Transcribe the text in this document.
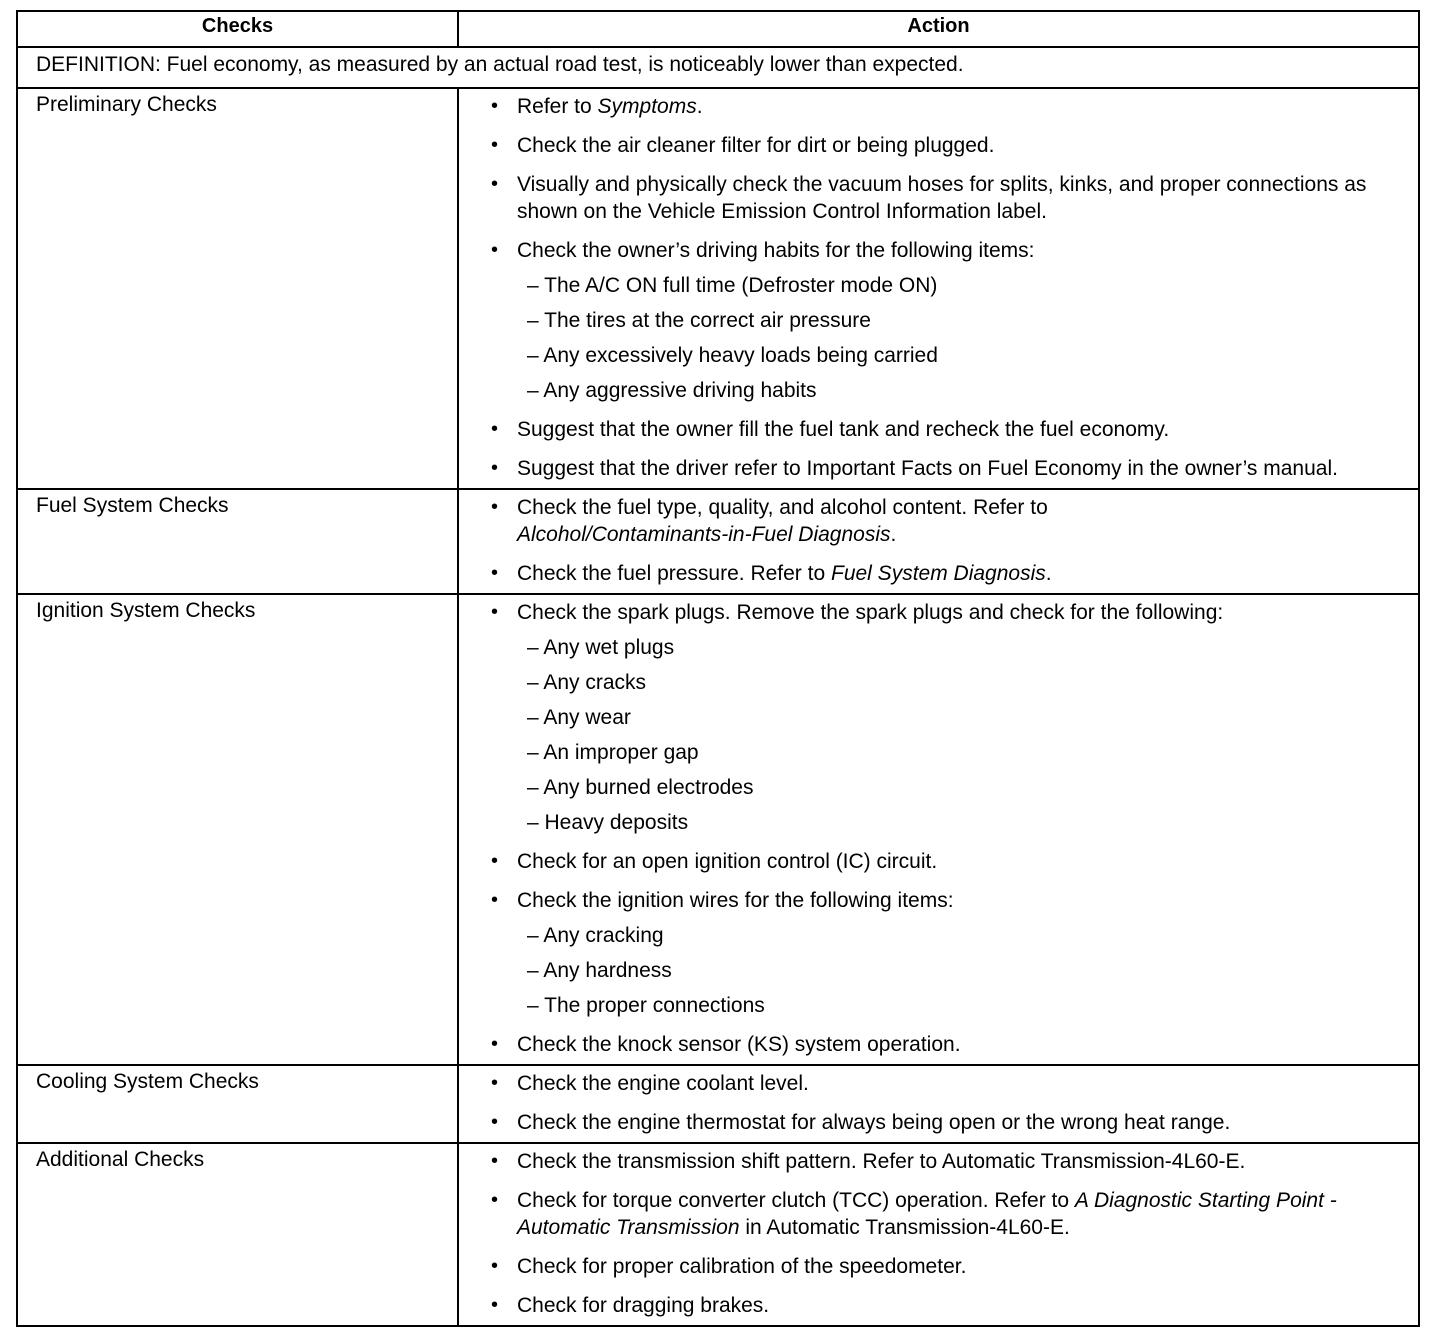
Checks	Action
DEFINITION: Fuel economy, as measured by an actual road test, is noticeably lower than expected.	
Preliminary Checks	• Refer to Symptoms.
• Check the air cleaner filter for dirt or being plugged.
• Visually and physically check the vacuum hoses for splits, kinks, and proper connections as shown on the Vehicle Emission Control Information label.
• Check the owner’s driving habits for the following items:
– The A/C ON full time (Defroster mode ON)
– The tires at the correct air pressure
– Any excessively heavy loads being carried
– Any aggressive driving habits
• Suggest that the owner fill the fuel tank and recheck the fuel economy.
• Suggest that the driver refer to Important Facts on Fuel Economy in the owner’s manual.

Fuel System Checks	• Check the fuel type, quality, and alcohol content. Refer to
Alcohol/Contaminants-in-Fuel Diagnosis.
• Check the fuel pressure. Refer to Fuel System Diagnosis.

Ignition System Checks	• Check the spark plugs. Remove the spark plugs and check for the following:
– Any wet plugs
– Any cracks
– Any wear
– An improper gap
– Any burned electrodes
– Heavy deposits
• Check for an open ignition control (IC) circuit.
• Check the ignition wires for the following items:
– Any cracking
– Any hardness
– The proper connections
• Check the knock sensor (KS) system operation.

Cooling System Checks	• Check the engine coolant level.
• Check the engine thermostat for always being open or the wrong heat range.

Additional Checks	• Check the transmission shift pattern. Refer to Automatic Transmission-4L60-E.
• Check for torque converter clutch (TCC) operation. Refer to A Diagnostic Starting Point - Automatic Transmission in Automatic Transmission-4L60-E.
• Check for proper calibration of the speedometer.
• Check for dragging brakes.
